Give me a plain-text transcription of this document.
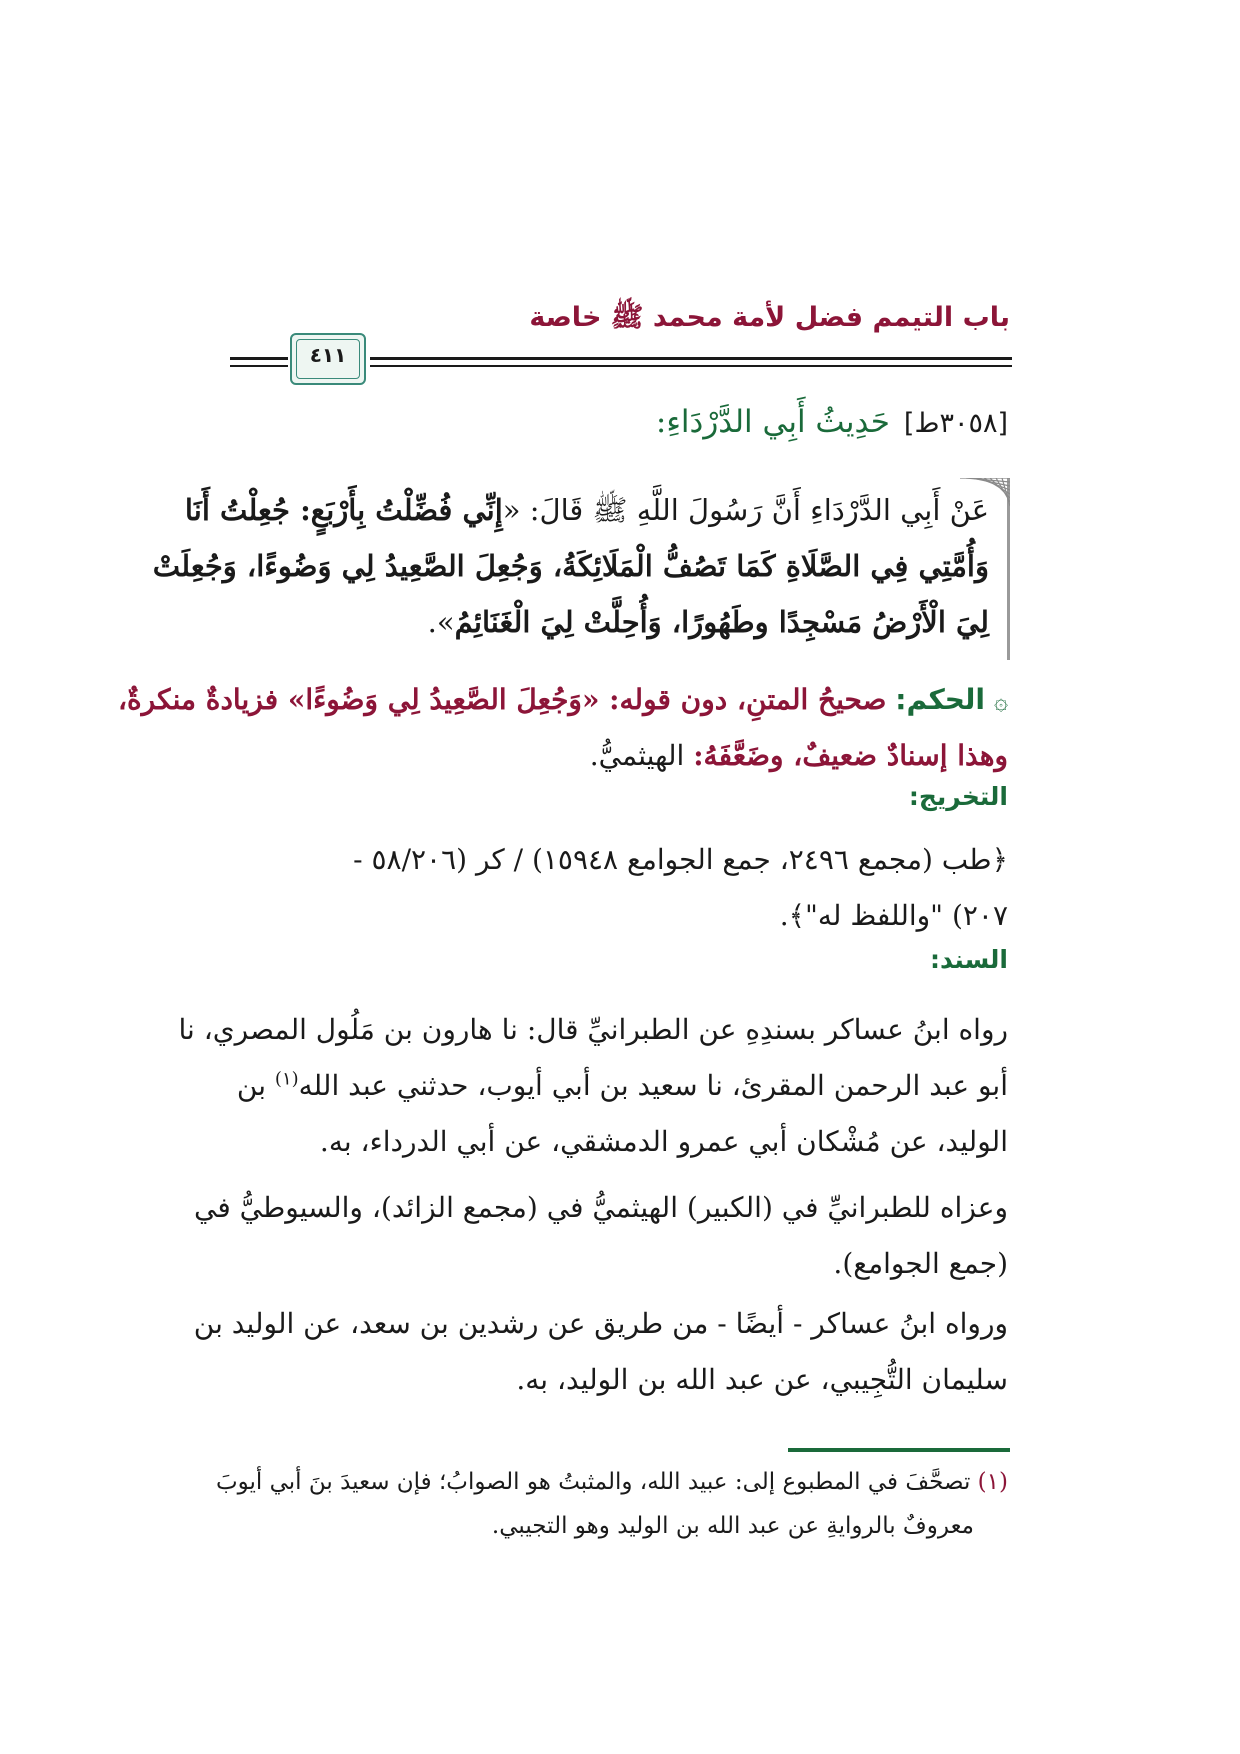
باب التيمم فضل لأمة محمد ﷺ خاصة
٤١١
[٣٠٥٨ط]حَدِيثُ أَبِي الدَّرْدَاءِ:
عَنْ أَبِي الدَّرْدَاءِ أَنَّ رَسُولَ اللَّهِ ﷺ قَالَ: «إِنِّي فُضِّلْتُ بِأَرْبَعٍ: جُعِلْتُ أَنَا
وَأُمَّتِي فِي الصَّلَاةِ كَمَا تَصُفُّ الْمَلَائِكَةُ، وَجُعِلَ الصَّعِيدُ لِي وَضُوءًا، وَجُعِلَتْ
لِيَ الْأَرْضُ مَسْجِدًا وطَهُورًا، وَأُحِلَّتْ لِيَ الْغَنَائِمُ».
۞ الحكم: صحيحُ المتنِ، دون قوله: «وَجُعِلَ الصَّعِيدُ لِي وَضُوءًا» فزيادةٌ منكرةٌ،
وهذا إسنادٌ ضعيفٌ، وضَعَّفَهُ: الهيثميُّ.
التخريج:
﴿طب (مجمع ٢٤٩٦، جمع الجوامع ١٥٩٤٨) / كر (٥٨/٢٠٦ -
٢٠٧) "واللفظ له"﴾.
السند:
رواه ابنُ عساكر بسندِهِ عن الطبرانيِّ قال: نا هارون بن مَلُول المصري، نا
أبو عبد الرحمن المقرئ، نا سعيد بن أبي أيوب، حدثني عبد الله$^{(١)}$ بن
الوليد، عن مُشْكان أبي عمرو الدمشقي، عن أبي الدرداء، به.
وعزاه للطبرانيِّ في (الكبير) الهيثميُّ في (مجمع الزائد)، والسيوطيُّ في
(جمع الجوامع).
ورواه ابنُ عساكر - أيضًا - من طريق عن رشدين بن سعد، عن الوليد بن
سليمان التُّجِيبي، عن عبد الله بن الوليد، به.
(١) تصحَّفَ في المطبوع إلى: عبيد الله، والمثبتُ هو الصوابُ؛ فإن سعيدَ بنَ أبي أيوبَ
معروفٌ بالروايةِ عن عبد الله بن الوليد وهو التجيبي.
